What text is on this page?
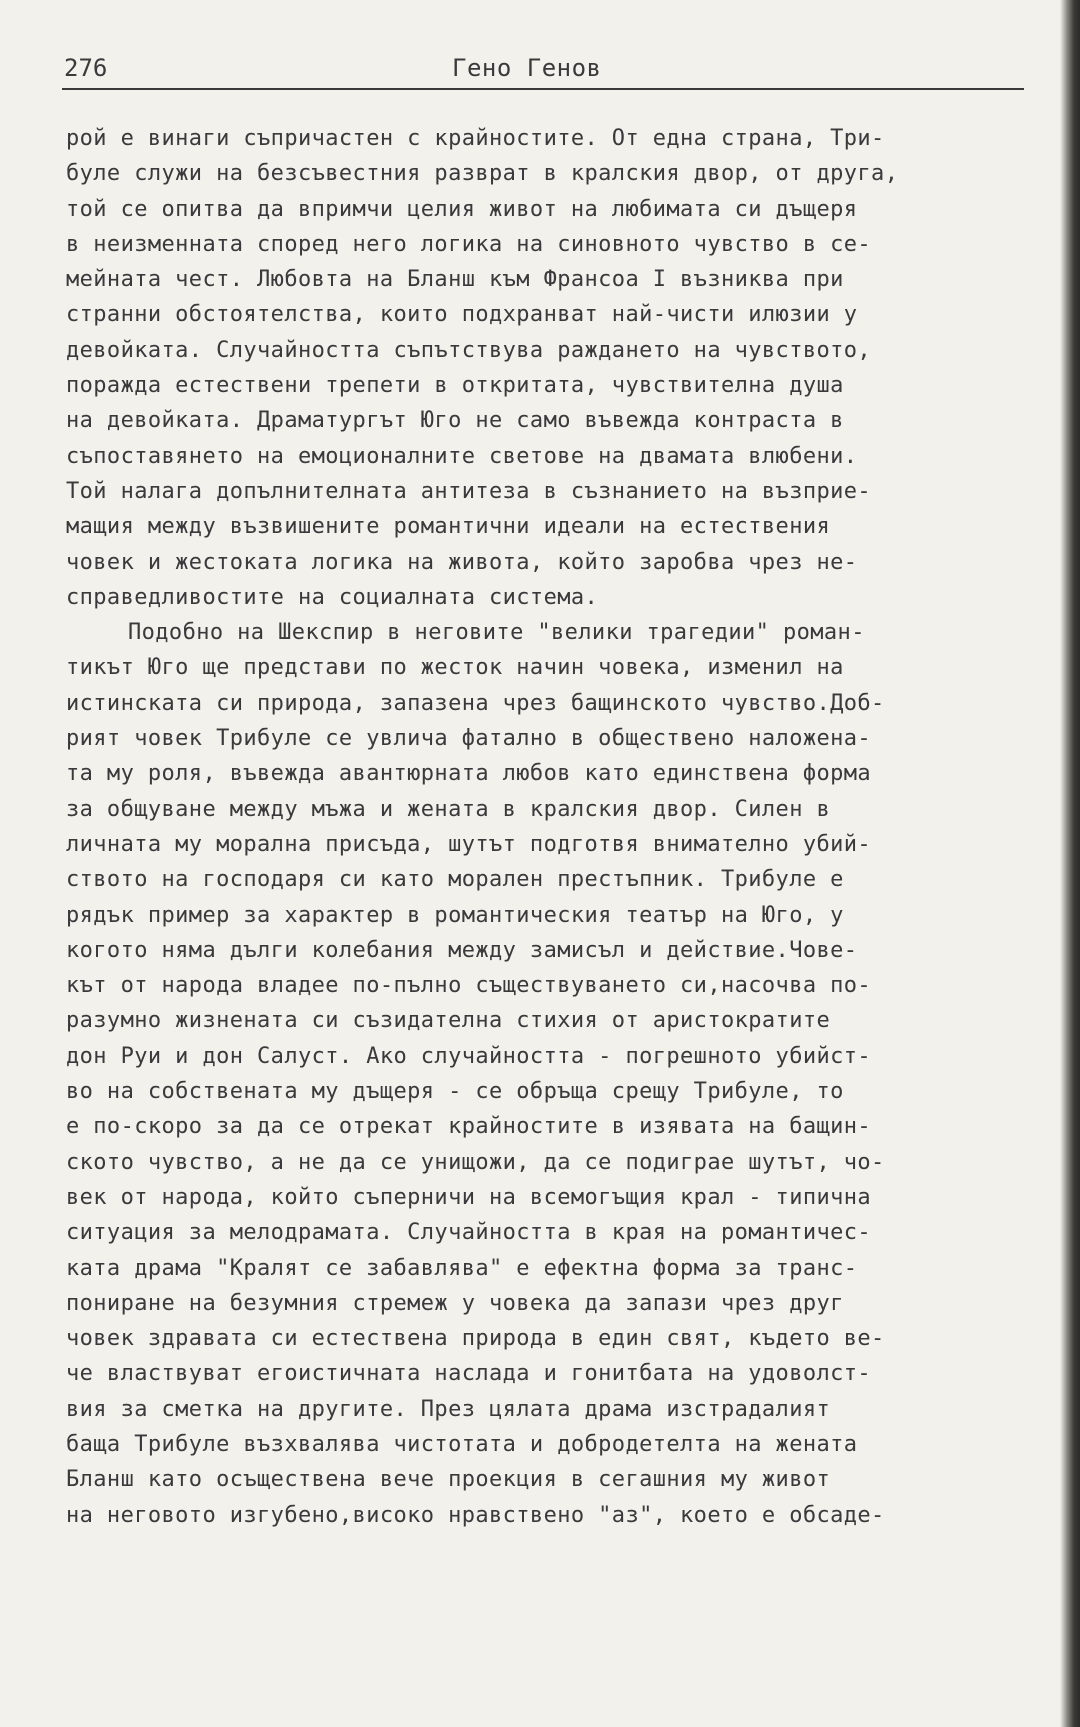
276	Гено Генов
рой е винаги съпричастен с крайностите. От една страна, Три-
буле служи на безсъвестния разврат в кралския двор, от друга,
той се опитва да впримчи целия живот на любимата си дъщеря
в неизменната според него логика на синовното чувство в се-
мейната чест. Любовта на Бланш към Франсоа I възниква при
странни обстоятелства, които подхранват най-чисти илюзии у
девойката. Случайността съпътствува раждането на чувството,
поражда естествени трепети в откритата, чувствителна душа
на девойката. Драматургът Юго не само въвежда контраста в
съпоставянето на емоционалните светове на двамата влюбени.
Той налага допълнителната антитеза в съзнанието на възприе-
мащия между възвишените романтични идеали на естествения
човек и жестоката логика на живота, който заробва чрез не-
справедливостите на социалната система.
Подобно на Шекспир в неговите "велики трагедии" роман-
тикът Юго ще представи по жесток начин човека, изменил на
истинската си природа, запазена чрез бащинското чувство.Доб-
рият човек Трибуле се увлича фатално в обществено наложена-
та му роля, въвежда авантюрната любов като единствена форма
за общуване между мъжа и жената в кралския двор. Силен в
личната му морална присъда, шутът подготвя внимателно убий-
ството на господаря си като морален престъпник. Трибуле е
рядък пример за характер в романтическия театър на Юго, у
когото няма дълги колебания между замисъл и действие.Чове-
кът от народа владее по-пълно съществуването си,насочва по-
разумно жизнената си съзидателна стихия от аристократите
дон Руи и дон Салуст. Ако случайността - погрешното убийст-
во на собствената му дъщеря - се обръща срещу Трибуле, то
е по-скоро за да се отрекат крайностите в изявата на бащин-
ското чувство, а не да се унищожи, да се подиграе шутът, чо-
век от народа, който съперничи на всемогъщия крал - типична
ситуация за мелодрамата. Случайността в края на романтичес-
ката драма "Кралят се забавлява" е ефектна форма за транс-
пониране на безумния стремеж у човека да запази чрез друг
човек здравата си естествена природа в един свят, където ве-
че властвуват егоистичната наслада и гонитбата на удоволст-
вия за сметка на другите. През цялата драма изстрадалият
баща Трибуле възхвалява чистотата и добродетелта на жената
Бланш като осъществена вече проекция в сегашния му живот
на неговото изгубено,високо нравствено "аз", което е обсаде-
